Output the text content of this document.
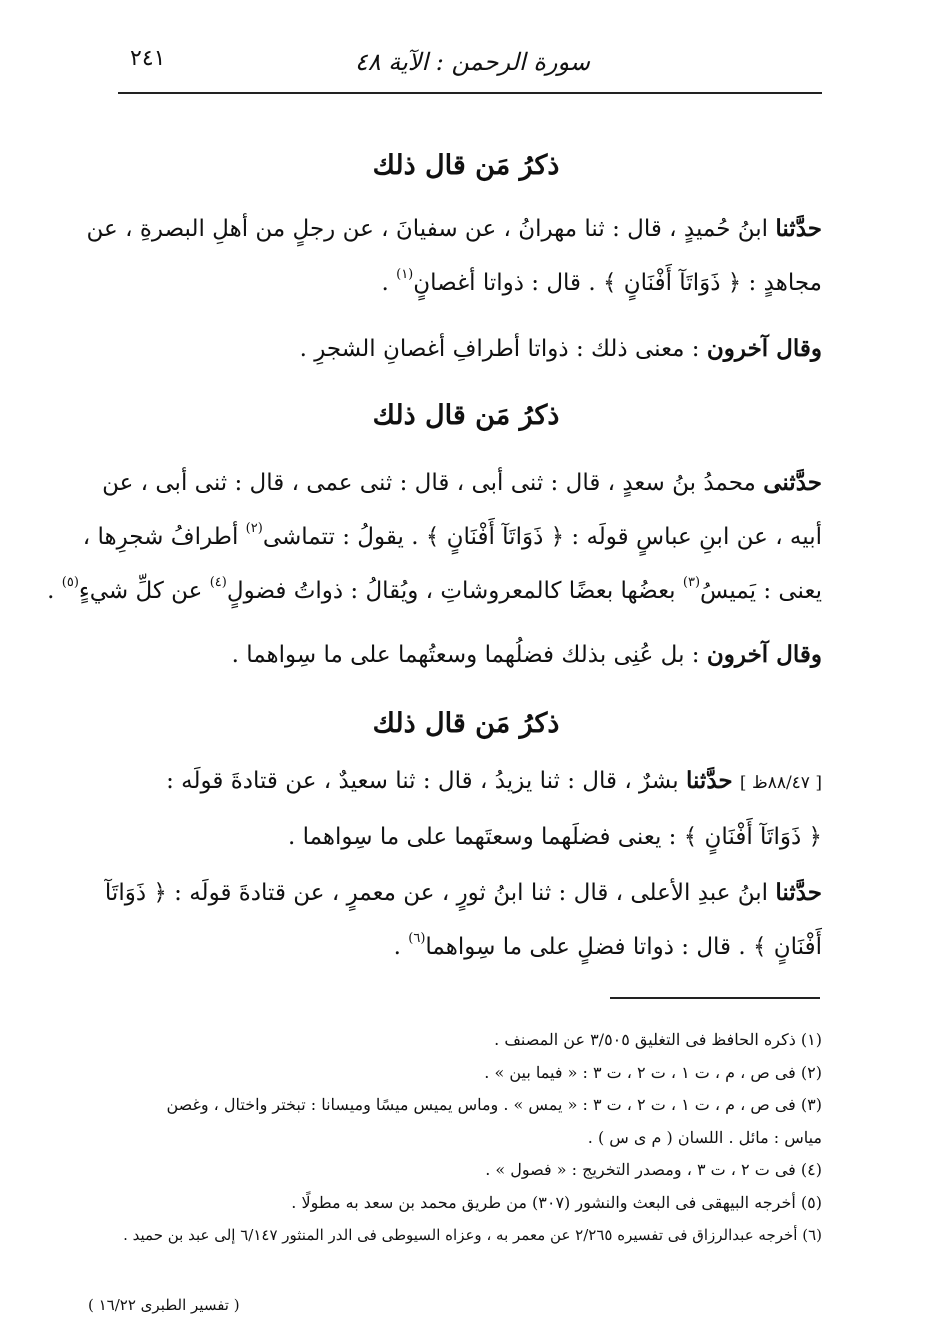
سورة الرحمن : الآية ٤٨
٢٤١
ذكرُ مَن قال ذلك
حدَّثنا ابنُ حُميدٍ ، قال : ثنا مهرانُ ، عن سفيانَ ، عن رجلٍ من أهلِ البصرةِ ، عن
مجاهدٍ : ﴿ ذَوَاتَآ أَفْنَانٍ ﴾ . قال : ذواتا أغصانٍ$^{(١)}$ .
وقال آخرون : معنى ذلك : ذواتا أطرافِ أغصانِ الشجرِ .
ذكرُ مَن قال ذلك
حدَّثنى محمدُ بنُ سعدٍ ، قال : ثنى أبى ، قال : ثنى عمى ، قال : ثنى أبى ، عن
أبيه ، عن ابنِ عباسٍ قولَه : ﴿ ذَوَاتَآ أَفْنَانٍ ﴾ . يقولُ : تتماشى$^{(٢)}$ أطرافُ شجرِها ،
يعنى : يَميسُ$^{(٣)}$ بعضُها بعضًا كالمعروشاتِ ، ويُقالُ : ذواتُ فضولٍ$^{(٤)}$ عن كلِّ شيءٍ$^{(٥)}$ .
وقال آخرون : بل عُنِى بذلك فضلُهما وسعتُهما على ما سِواهما .
ذكرُ مَن قال ذلك
[ ٨٨/٤٧ظ ] حدَّثنا بشرٌ ، قال : ثنا يزيدُ ، قال : ثنا سعيدٌ ، عن قتادةَ قولَه :
﴿ ذَوَاتَآ أَفْنَانٍ ﴾ : يعنى فضلَهما وسعتَهما على ما سِواهما .
حدَّثنا ابنُ عبدِ الأعلى ، قال : ثنا ابنُ ثورٍ ، عن معمرٍ ، عن قتادةَ قولَه : ﴿ ذَوَاتَآ
أَفْنَانٍ ﴾ . قال : ذواتا فضلٍ على ما سِواهما$^{(٦)}$ .
(١) ذكره الحافظ فى التغليق ٣/٥٠٥ عن المصنف .
(٢) فى ص ، م ، ت ١ ، ت ٢ ، ت ٣ : « فيما بين » .
(٣) فى ص ، م ، ت ١ ، ت ٢ ، ت ٣ : « يمس » . وماس يميس ميسًا وميسانا : تبختر واختال ، وغصن
مياس : مائل . اللسان ( م ى س ) .
(٤) فى ت ٢ ، ت ٣ ، ومصدر التخريج : « فصول » .
(٥) أخرجه البيهقى فى البعث والنشور (٣٠٧) من طريق محمد بن سعد به مطولًا .
(٦) أخرجه عبدالرزاق فى تفسيره ٢/٢٦٥ عن معمر به ، وعزاه السيوطى فى الدر المنثور ٦/١٤٧ إلى عبد بن حميد .
( تفسير الطبرى ١٦/٢٢ )
